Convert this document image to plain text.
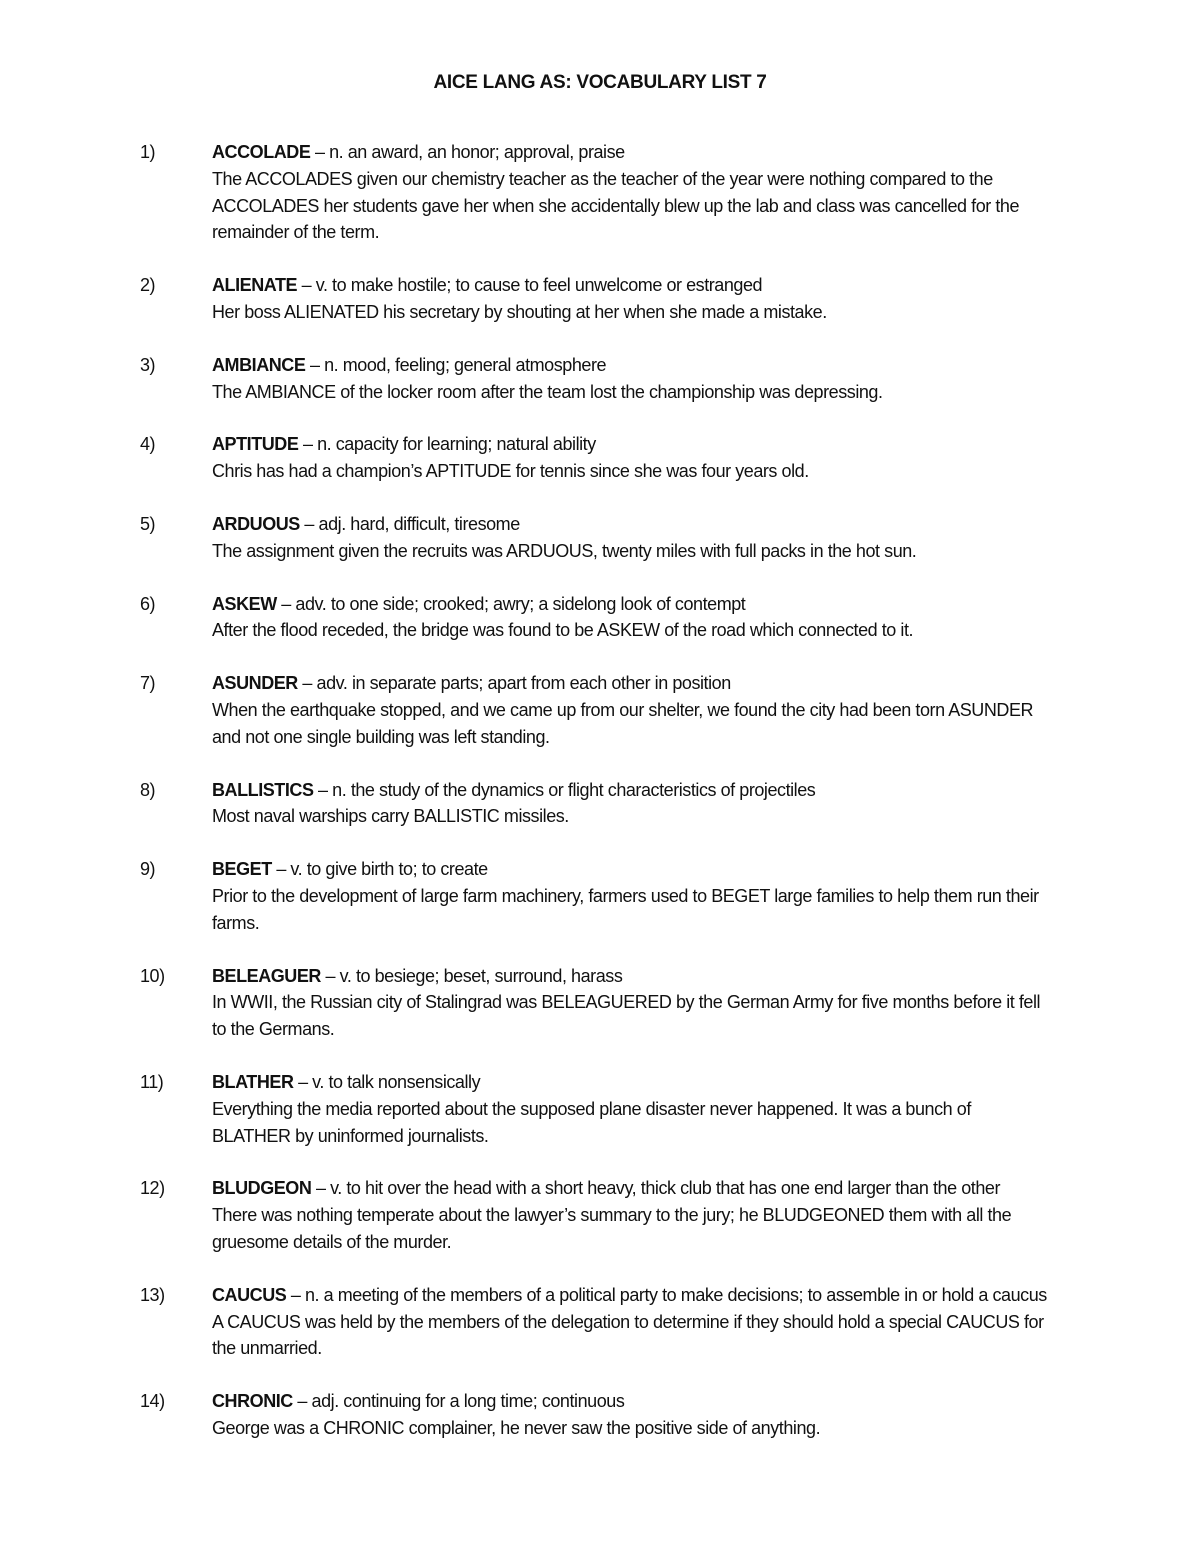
AICE LANG AS: VOCABULARY LIST 7
1)	ACCOLADE – n. an award, an honor; approval, praise
The ACCOLADES given our chemistry teacher as the teacher of the year were nothing compared to the ACCOLADES her students gave her when she accidentally blew up the lab and class was cancelled for the remainder of the term.
2)	ALIENATE – v. to make hostile; to cause to feel unwelcome or estranged
Her boss ALIENATED his secretary by shouting at her when she made a mistake.
3)	AMBIANCE – n. mood, feeling; general atmosphere
The AMBIANCE of the locker room after the team lost the championship was depressing.
4)	APTITUDE – n. capacity for learning; natural ability
Chris has had a champion’s APTITUDE for tennis since she was four years old.
5)	ARDUOUS – adj. hard, difficult, tiresome
The assignment given the recruits was ARDUOUS, twenty miles with full packs in the hot sun.
6)	ASKEW – adv. to one side; crooked; awry; a sidelong look of contempt
After the flood receded, the bridge was found to be ASKEW of the road which connected to it.
7)	ASUNDER – adv. in separate parts; apart from each other in position
When the earthquake stopped, and we came up from our shelter, we found the city had been torn ASUNDER and not one single building was left standing.
8)	BALLISTICS – n. the study of the dynamics or flight characteristics of projectiles
Most naval warships carry BALLISTIC missiles.
9)	BEGET – v. to give birth to; to create
Prior to the development of large farm machinery, farmers used to BEGET large families to help them run their farms.
10)	BELEAGUER – v. to besiege; beset, surround, harass
In WWII, the Russian city of Stalingrad was BELEAGUERED by the German Army for five months before it fell to the Germans.
11)	BLATHER – v. to talk nonsensically
Everything the media reported about the supposed plane disaster never happened. It was a bunch of BLATHER by uninformed journalists.
12)	BLUDGEON – v. to hit over the head with a short heavy, thick club that has one end larger than the other
There was nothing temperate about the lawyer’s summary to the jury; he BLUDGEONED them with all the gruesome details of the murder.
13)	CAUCUS – n. a meeting of the members of a political party to make decisions; to assemble in or hold a caucus
A CAUCUS was held by the members of the delegation to determine if they should hold a special CAUCUS for the unmarried.
14)	CHRONIC – adj. continuing for a long time; continuous
George was a CHRONIC complainer, he never saw the positive side of anything.
